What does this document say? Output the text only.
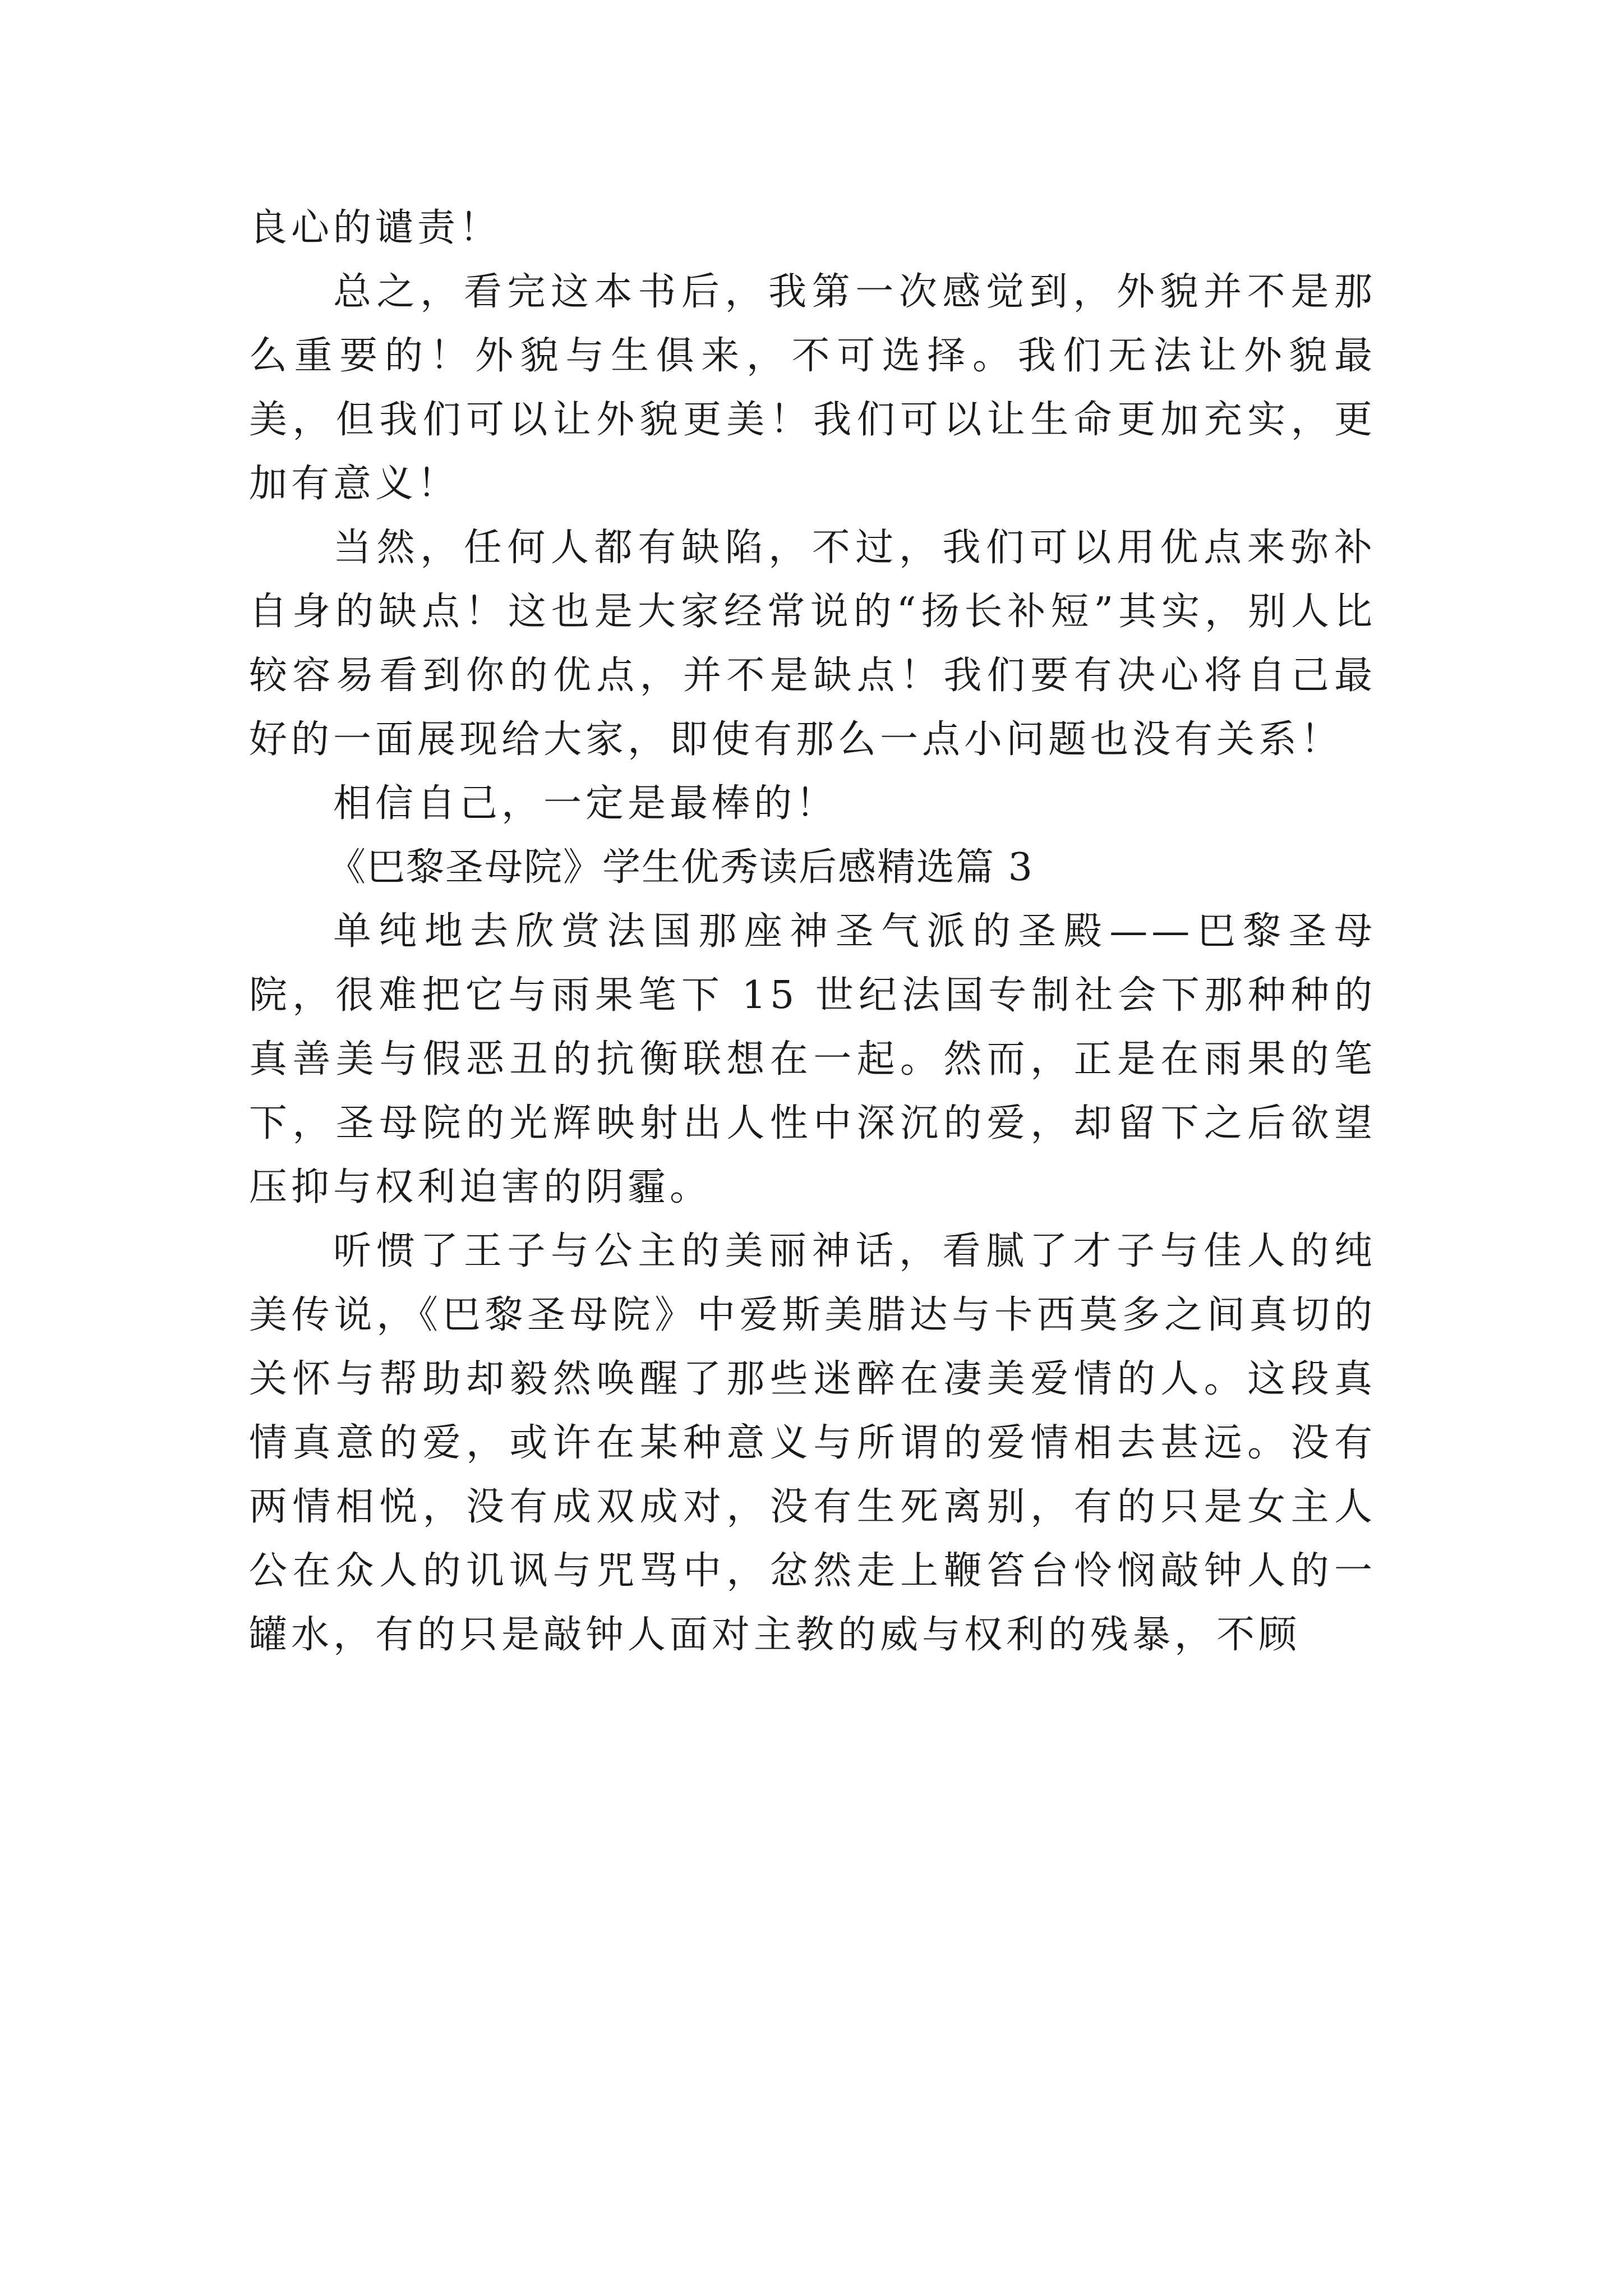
良心的谴责！

总之，看完这本书后，我第一次感觉到，外貌并不是那么重要的！外貌与生俱来，不可选择。我们无法让外貌最美，但我们可以让外貌更美！我们可以让生命更加充实，更加有意义！

当然，任何人都有缺陷，不过，我们可以用优点来弥补自身的缺点！这也是大家经常说的“扬长补短”其实，别人比较容易看到你的优点，并不是缺点！我们要有决心将自己最好的一面展现给大家，即使有那么一点小问题也没有关系！

相信自己，一定是最棒的！

《巴黎圣母院》学生优秀读后感精选篇 3

单纯地去欣赏法国那座神圣气派的圣殿——巴黎圣母院，很难把它与雨果笔下 15 世纪法国专制社会下那种种的真善美与假恶丑的抗衡联想在一起。然而，正是在雨果的笔下，圣母院的光辉映射出人性中深沉的爱，却留下之后欲望压抑与权利迫害的阴霾。

听惯了王子与公主的美丽神话，看腻了才子与佳人的纯美传说，《巴黎圣母院》中爱斯美腊达与卡西莫多之间真切的关怀与帮助却毅然唤醒了那些迷醉在凄美爱情的人。这段真情真意的爱，或许在某种意义与所谓的爱情相去甚远。没有两情相悦，没有成双成对，没有生死离别，有的只是女主人公在众人的讥讽与咒骂中，忿然走上鞭笞台怜悯敲钟人的一罐水，有的只是敲钟人面对主教的威与权利的残暴，不顾
